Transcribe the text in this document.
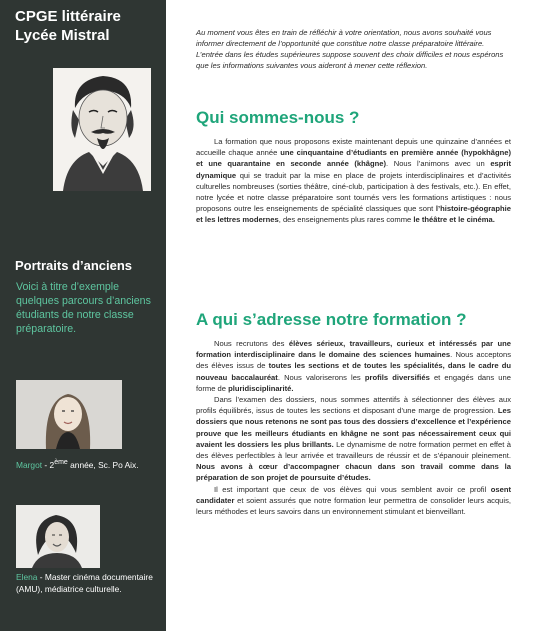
CPGE littéraire
Lycée Mistral
Portraits d’anciens
Voici à titre d’exemple quelques parcours d’anciens étudiants de notre classe préparatoire.
Margot - 2ème année, Sc. Po Aix.
Elena - Master cinéma documentaire (AMU), médiatrice culturelle.
Au moment vous êtes en train de réfléchir à votre orientation, nous avons souhaité vous informer directement de l’opportunité que constitue notre classe préparatoire littéraire. L’entrée dans les études supérieures suppose souvent des choix difficiles et nous espérons que les informations suivantes vous aideront à mener cette réflexion.
Qui sommes-nous ?

La formation que nous proposons existe maintenant depuis une quinzaine d’années et accueille chaque année une cinquantaine d’étudiants en première année (hypokhâgne) et une quarantaine en seconde année (khâgne). Nous l’animons avec un esprit dynamique qui se traduit par la mise en place de projets interdisciplinaires et d’activités culturelles nombreuses (sorties théâtre, ciné-club, participation à des festivals, etc.). En effet, notre lycée et notre classe préparatoire sont tournés vers les formations artistiques : nous proposons outre les enseignements de spécialité classiques que sont l’histoire-géographie et les lettres modernes, des enseignements plus rares comme le théâtre et le cinéma.

A qui s’adresse notre formation ?

Nous recrutons des élèves sérieux, travailleurs, curieux et intéressés par une formation interdisciplinaire dans le domaine des sciences humaines. Nous acceptons des élèves issus de toutes les sections et de toutes les spécialités, dans le cadre du nouveau baccalauréat. Nous valoriserons les profils diversifiés et engagés dans une forme de pluridisciplinarité.

Dans l’examen des dossiers, nous sommes attentifs à sélectionner des élèves aux profils équilibrés, issus de toutes les sections et disposant d’une marge de progression. Les dossiers que nous retenons ne sont pas tous des dossiers d’excellence et l’expérience prouve que les meilleurs étudiants en khâgne ne sont pas nécessairement ceux qui avaient les dossiers les plus brillants. Le dynamisme de notre formation permet en effet à des élèves perfectibles à leur arrivée et travailleurs de réussir et de s’épanouir pleinement. Nous avons à cœur d’accompagner chacun dans son travail comme dans la préparation de son projet de poursuite d’études.

Il est important que ceux de vos élèves qui vous semblent avoir ce profil osent candidater et soient assurés que notre formation leur permettra de consolider leurs acquis, leurs méthodes et leurs savoirs dans un environnement stimulant et bienveillant.
